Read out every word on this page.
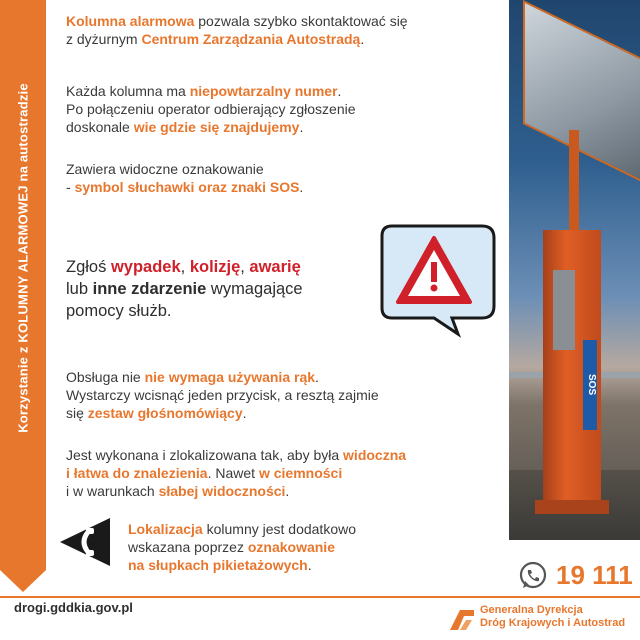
Korzystanie z KOLUMNY ALARMOWEJ na autostradzie
Kolumna alarmowa pozwala szybko skontaktować się
z dyżurnym Centrum Zarządzania Autostradą.
Każda kolumna ma niepowtarzalny numer.
Po połączeniu operator odbierający zgłoszenie
doskonale wie gdzie się znajdujemy.
Zawiera widoczne oznakowanie
- symbol słuchawki oraz znaki SOS.
Zgłoś wypadek, kolizję, awarię
lub inne zdarzenie wymagające
pomocy służb.
Obsługa nie nie wymaga używania rąk.
Wystarczy wcisnąć jeden przycisk, a resztą zajmie
się zestaw głośnomówiący.
Jest wykonana i zlokalizowana tak, aby była widoczna
i łatwa do znalezienia. Nawet w ciemności
i w warunkach słabej widoczności.
Lokalizacja kolumny jest dodatkowo
wskazana poprzez oznakowanie
na słupkach pikietażowych.
SOS
19 111
drogi.gddkia.gov.pl	Generalna Dyrekcja
Dróg Krajowych i Autostrad
